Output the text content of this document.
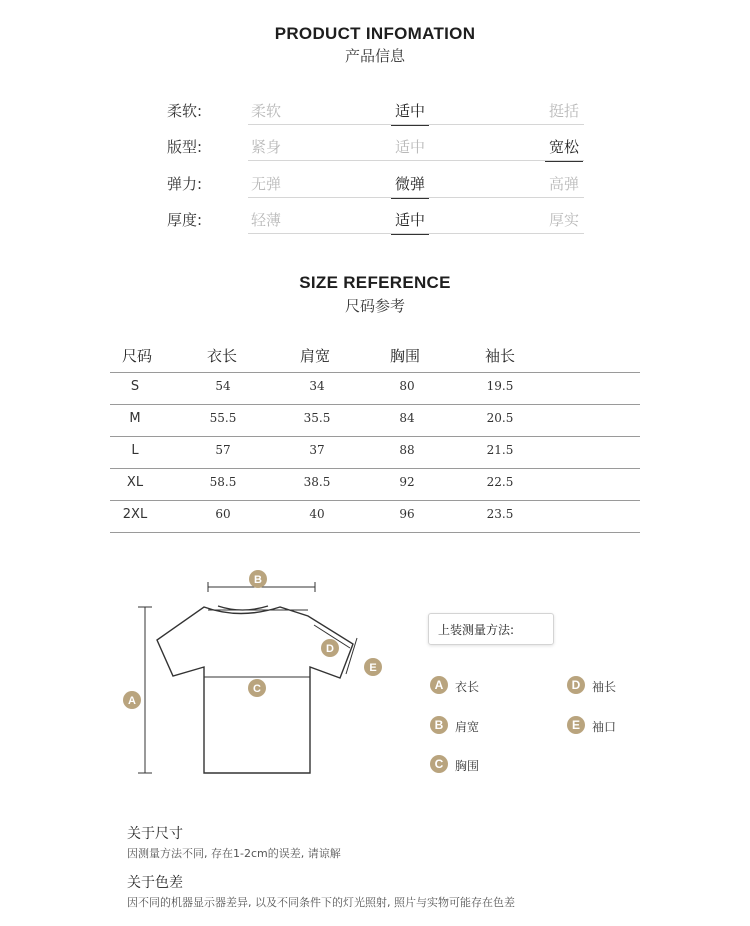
PRODUCT INFOMATION
产品信息
柔软:	柔软	适中	挺括
版型:	紧身	适中	宽松
弹力:	无弹	微弹	高弹
厚度:	轻薄	适中	厚实
SIZE REFERENCE
尺码参考
尺码	衣长	肩宽	胸围	袖长
S	54	34	80	19.5
M	55.5	35.5	84	20.5
L	57	37	88	21.5
XL	58.5	38.5	92	22.5
2XL	60	40	96	23.5
B
A
C
D
E
上装测量方法:
A 衣长
B 肩宽
C 胸围
D 袖长
E	袖口
关于尺寸
因测量方法不同, 存在1-2cm的误差, 请谅解
关于色差
因不同的机器显示器差异, 以及不同条件下的灯光照射, 照片与实物可能存在色差
